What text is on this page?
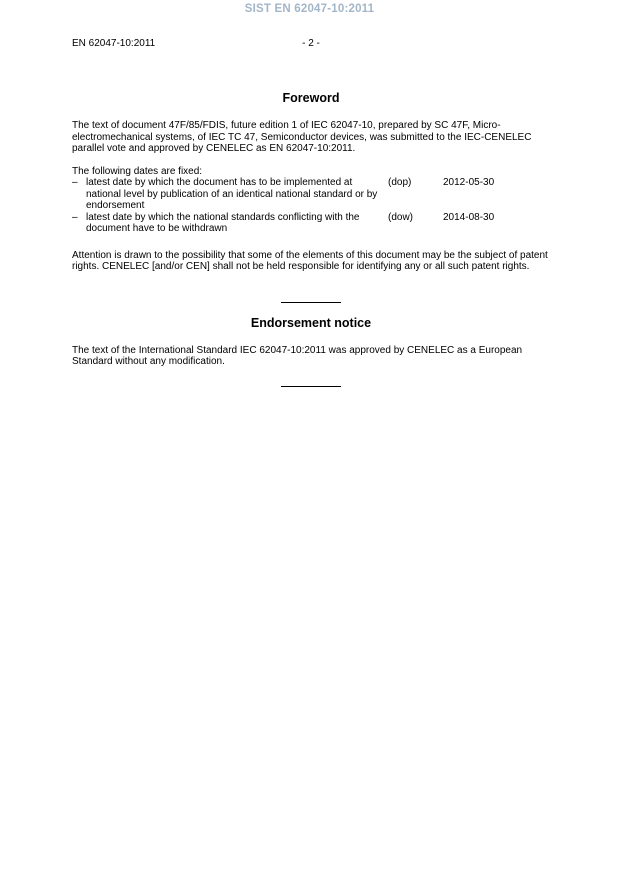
SIST EN 62047-10:2011
EN 62047-10:2011	- 2 -
Foreword

The text of document 47F/85/FDIS, future edition 1 of IEC 62047-10, prepared by SC 47F, Micro-electromechanical systems, of IEC TC 47, Semiconductor devices, was submitted to the IEC-CENELEC parallel vote and approved by CENELEC as EN 62047-10:2011.

The following dates are fixed:

– latest date by which the document has to be implemented at national level by publication of an identical national standard or by endorsement
(dop)	2012-05-30
– latest date by which the national standards conflicting with the document have to be withdrawn
(dow)	2014-08-30

Attention is drawn to the possibility that some of the elements of this document may be the subject of patent rights. CENELEC [and/or CEN] shall not be held responsible for identifying any or all such patent rights.

Endorsement notice

The text of the International Standard IEC 62047-10:2011 was approved by CENELEC as a European Standard without any modification.
